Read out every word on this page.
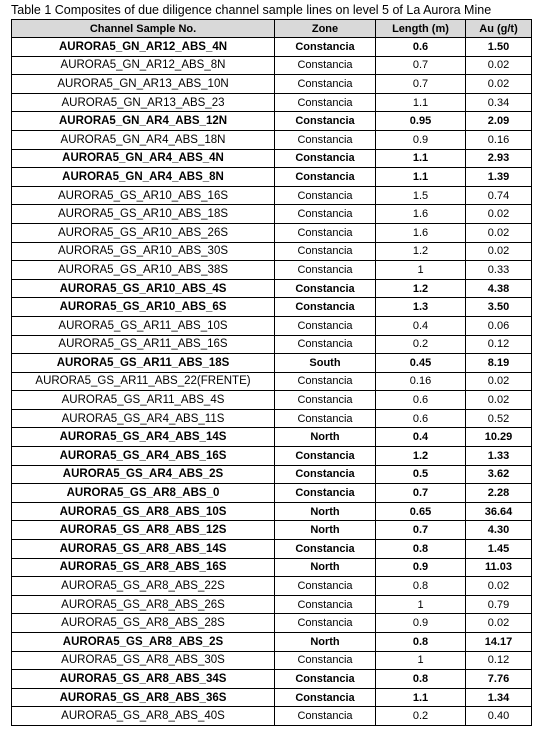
Table 1 Composites of due diligence channel sample lines on level 5 of La Aurora Mine
Channel Sample No.	Zone	Length (m)	Au (g/t)
AURORA5_GN_AR12_ABS_4N	Constancia	0.6	1.50
AURORA5_GN_AR12_ABS_8N	Constancia	0.7	0.02
AURORA5_GN_AR13_ABS_10N	Constancia	0.7	0.02
AURORA5_GN_AR13_ABS_23	Constancia	1.1	0.34
AURORA5_GN_AR4_ABS_12N	Constancia	0.95	2.09
AURORA5_GN_AR4_ABS_18N	Constancia	0.9	0.16
AURORA5_GN_AR4_ABS_4N	Constancia	1.1	2.93
AURORA5_GN_AR4_ABS_8N	Constancia	1.1	1.39
AURORA5_GS_AR10_ABS_16S	Constancia	1.5	0.74
AURORA5_GS_AR10_ABS_18S	Constancia	1.6	0.02
AURORA5_GS_AR10_ABS_26S	Constancia	1.6	0.02
AURORA5_GS_AR10_ABS_30S	Constancia	1.2	0.02
AURORA5_GS_AR10_ABS_38S	Constancia	1	0.33
AURORA5_GS_AR10_ABS_4S	Constancia	1.2	4.38
AURORA5_GS_AR10_ABS_6S	Constancia	1.3	3.50
AURORA5_GS_AR11_ABS_10S	Constancia	0.4	0.06
AURORA5_GS_AR11_ABS_16S	Constancia	0.2	0.12
AURORA5_GS_AR11_ABS_18S	South	0.45	8.19
AURORA5_GS_AR11_ABS_22(FRENTE)	Constancia	0.16	0.02
AURORA5_GS_AR11_ABS_4S	Constancia	0.6	0.02
AURORA5_GS_AR4_ABS_11S	Constancia	0.6	0.52
AURORA5_GS_AR4_ABS_14S	North	0.4	10.29
AURORA5_GS_AR4_ABS_16S	Constancia	1.2	1.33
AURORA5_GS_AR4_ABS_2S	Constancia	0.5	3.62
AURORA5_GS_AR8_ABS_0	Constancia	0.7	2.28
AURORA5_GS_AR8_ABS_10S	North	0.65	36.64
AURORA5_GS_AR8_ABS_12S	North	0.7	4.30
AURORA5_GS_AR8_ABS_14S	Constancia	0.8	1.45
AURORA5_GS_AR8_ABS_16S	North	0.9	11.03
AURORA5_GS_AR8_ABS_22S	Constancia	0.8	0.02
AURORA5_GS_AR8_ABS_26S	Constancia	1	0.79
AURORA5_GS_AR8_ABS_28S	Constancia	0.9	0.02
AURORA5_GS_AR8_ABS_2S	North	0.8	14.17
AURORA5_GS_AR8_ABS_30S	Constancia	1	0.12
AURORA5_GS_AR8_ABS_34S	Constancia	0.8	7.76
AURORA5_GS_AR8_ABS_36S	Constancia	1.1	1.34
AURORA5_GS_AR8_ABS_40S	Constancia	0.2	0.40
